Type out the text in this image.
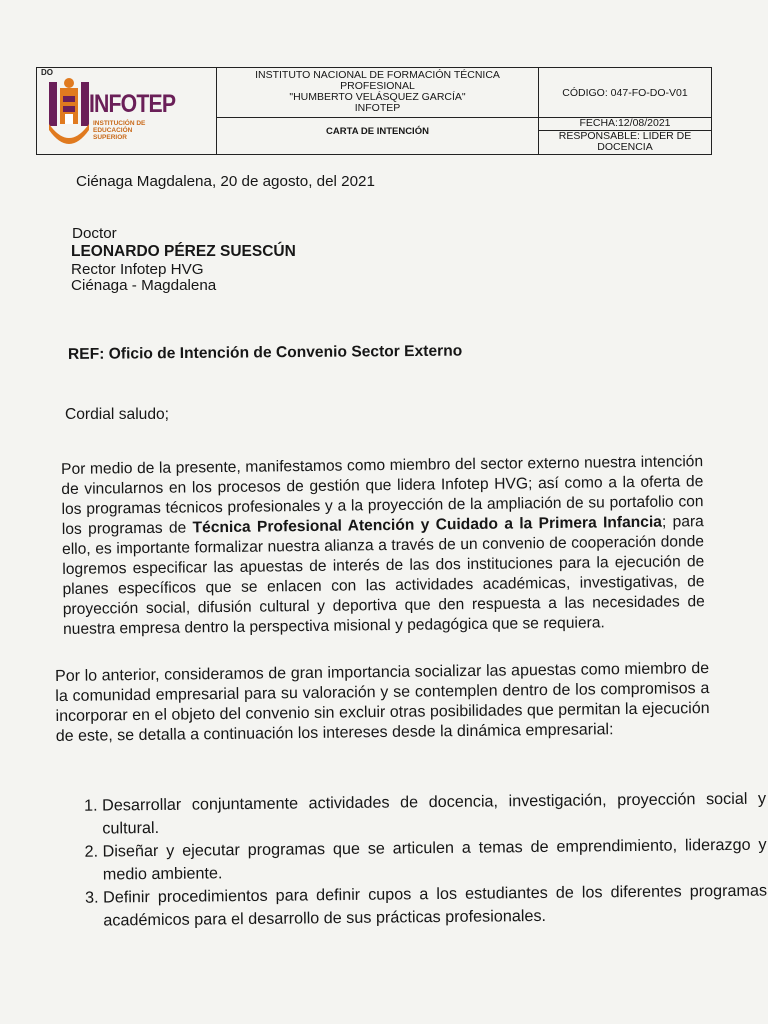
DO
INFOTEP
INSTITUCIÓN DE
EDUCACIÓN
SUPERIOR
INSTITUTO NACIONAL DE FORMACIÓN TÉCNICA
PROFESIONAL
"HUMBERTO VELÁSQUEZ GARCÍA"
INFOTEP
CÓDIGO: 047-FO-DO-V01
CARTA DE INTENCIÓN
FECHA:12/08/2021
RESPONSABLE: LIDER DE
DOCENCIA
Ciénaga Magdalena, 20 de agosto, del 2021
Doctor
LEONARDO PÉREZ SUESCÚN
Rector Infotep HVG
Ciénaga - Magdalena
REF: Oficio de Intención de Convenio Sector Externo
Cordial saludo;
Por medio de la presente, manifestamos como miembro del sector externo nuestra intención de vincularnos en los procesos de gestión que lidera Infotep HVG; así como a la oferta de los programas técnicos profesionales y a la proyección de la ampliación de su portafolio con los programas de Técnica Profesional Atención y Cuidado a la Primera Infancia; para ello, es importante formalizar nuestra alianza a través de un convenio de cooperación donde logremos especificar las apuestas de interés de las dos instituciones para la ejecución de planes específicos que se enlacen con las actividades académicas, investigativas, de proyección social, difusión cultural y deportiva que den respuesta a las necesidades de nuestra empresa dentro la perspectiva misional y pedagógica que se requiera.
Por lo anterior, consideramos de gran importancia socializar las apuestas como miembro de la comunidad empresarial para su valoración y se contemplen dentro de los compromisos a incorporar en el objeto del convenio sin excluir otras posibilidades que permitan la ejecución de este, se detalla a continuación los intereses desde la dinámica empresarial:
1. Desarrollar conjuntamente actividades de docencia, investigación, proyección social y cultural.
2. Diseñar y ejecutar programas que se articulen a temas de emprendimiento, liderazgo y medio ambiente.
3. Definir procedimientos para definir cupos a los estudiantes de los diferentes programas académicos para el desarrollo de sus prácticas profesionales.
